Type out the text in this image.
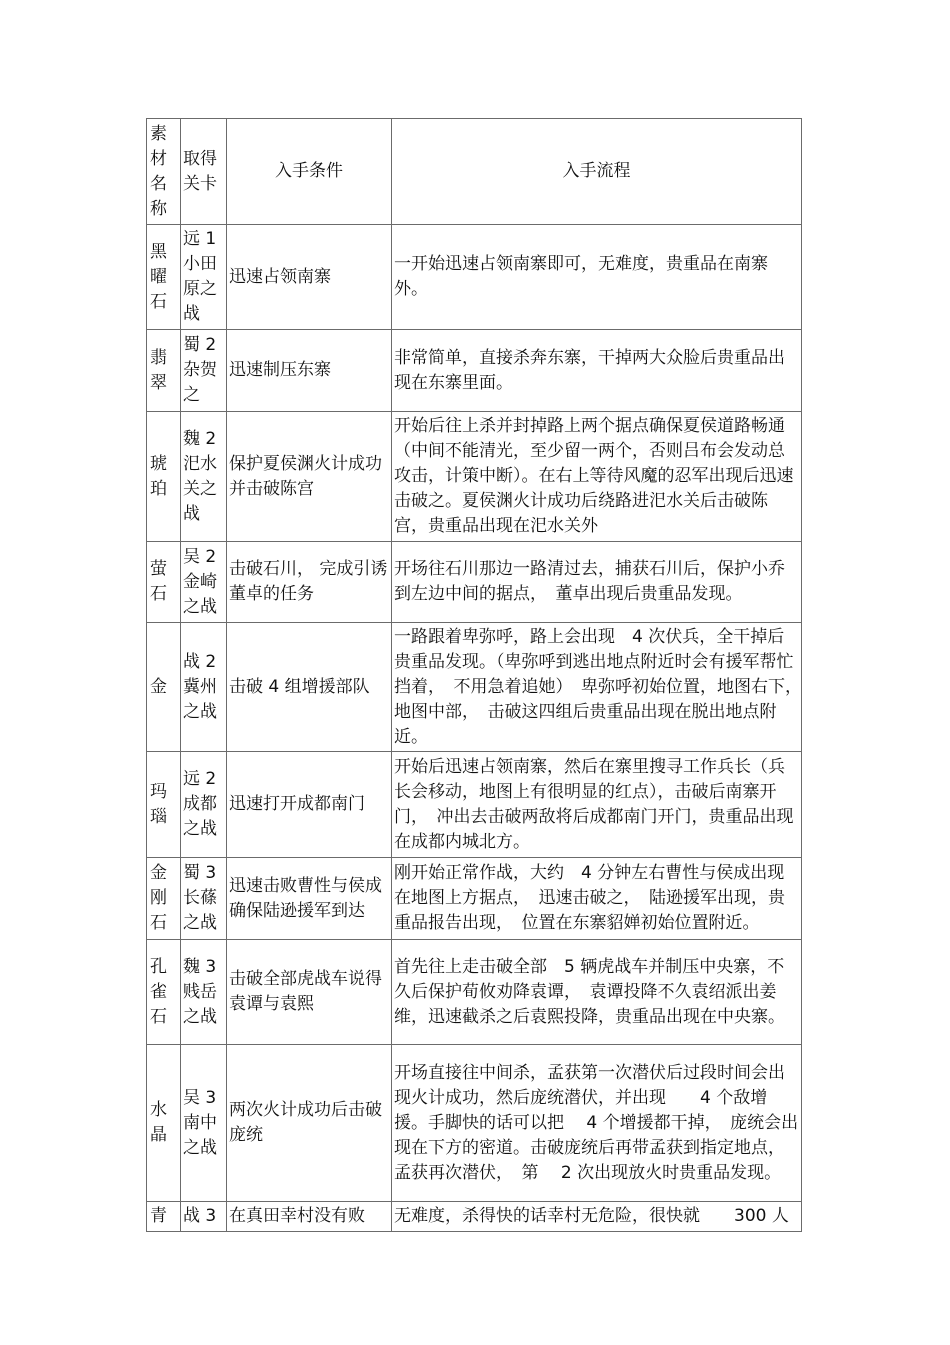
素材名称	取得关卡	入手条件	入手流程
黑曜石	远 1 小田原之战	迅速占领南寨	一开始迅速占领南寨即可，无难度，贵重品在南寨外。
翡翠	蜀 2 杂贺之	迅速制压东寨	非常简单，直接杀奔东寨，干掉两大众脸后贵重品出现在东寨里面。
琥珀	魏 2 汜水关之战	保护夏侯渊火计成功并击破陈宫	开始后往上杀并封掉路上两个据点确保夏侯道路畅通（中间不能清光，至少留一两个，否则吕布会发动总攻击，计策中断）。在右上等待风魔的忍军出现后迅速击破之。夏侯渊火计成功后绕路进汜水关后击破陈宫，贵重品出现在汜水关外
萤石	吴 2 金崎之战	击破石川， 完成引诱董卓的任务	开场往石川那边一路清过去，捕获石川后，保护小乔到左边中间的据点，　董卓出现后贵重品发现。
金	战 2 冀州之战	击破 4 组增援部队	一路跟着卑弥呼，路上会出现　4 次伏兵，全干掉后贵重品发现。（卑弥呼到逃出地点附近时会有援军帮忙挡着，　不用急着追她）　卑弥呼初始位置，地图右下，　地图中部，　击破这四组后贵重品出现在脱出地点附近。
玛瑙	远 2 成都之战	迅速打开成都南门	开始后迅速占领南寨，然后在寨里搜寻工作兵长（兵长会移动，地图上有很明显的红点），击破后南寨开门，　冲出去击破两敌将后成都南门开门，贵重品出现在成都内城北方。
金刚石	蜀 3 长蓧之战	迅速击败曹性与侯成确保陆逊援军到达	刚开始正常作战，大约　4 分钟左右曹性与侯成出现在地图上方据点，　迅速击破之，　陆逊援军出现，贵重品报告出现，　位置在东寨貂婵初始位置附近。
孔雀石	魏 3 贱岳之战	击破全部虎战车说得袁谭与袁熙	首先往上走击破全部　5 辆虎战车并制压中央寨，不久后保护荀攸劝降袁谭，　袁谭投降不久袁绍派出姜维，迅速截杀之后袁熙投降，贵重品出现在中央寨。
水晶	吴 3 南中之战	两次火计成功后击破庞统	开场直接往中间杀，孟获第一次潜伏后过段时间会出现火计成功，然后庞统潜伏，并出现　　4 个敌增援。手脚快的话可以把　 4 个增援都干掉，　庞统会出现在下方的密道。击破庞统后再带孟获到指定地点，孟获再次潜伏，　第　 2 次出现放火时贵重品发现。
青	战 3	在真田幸村没有败	无难度，杀得快的话幸村无危险，很快就　　300 人
